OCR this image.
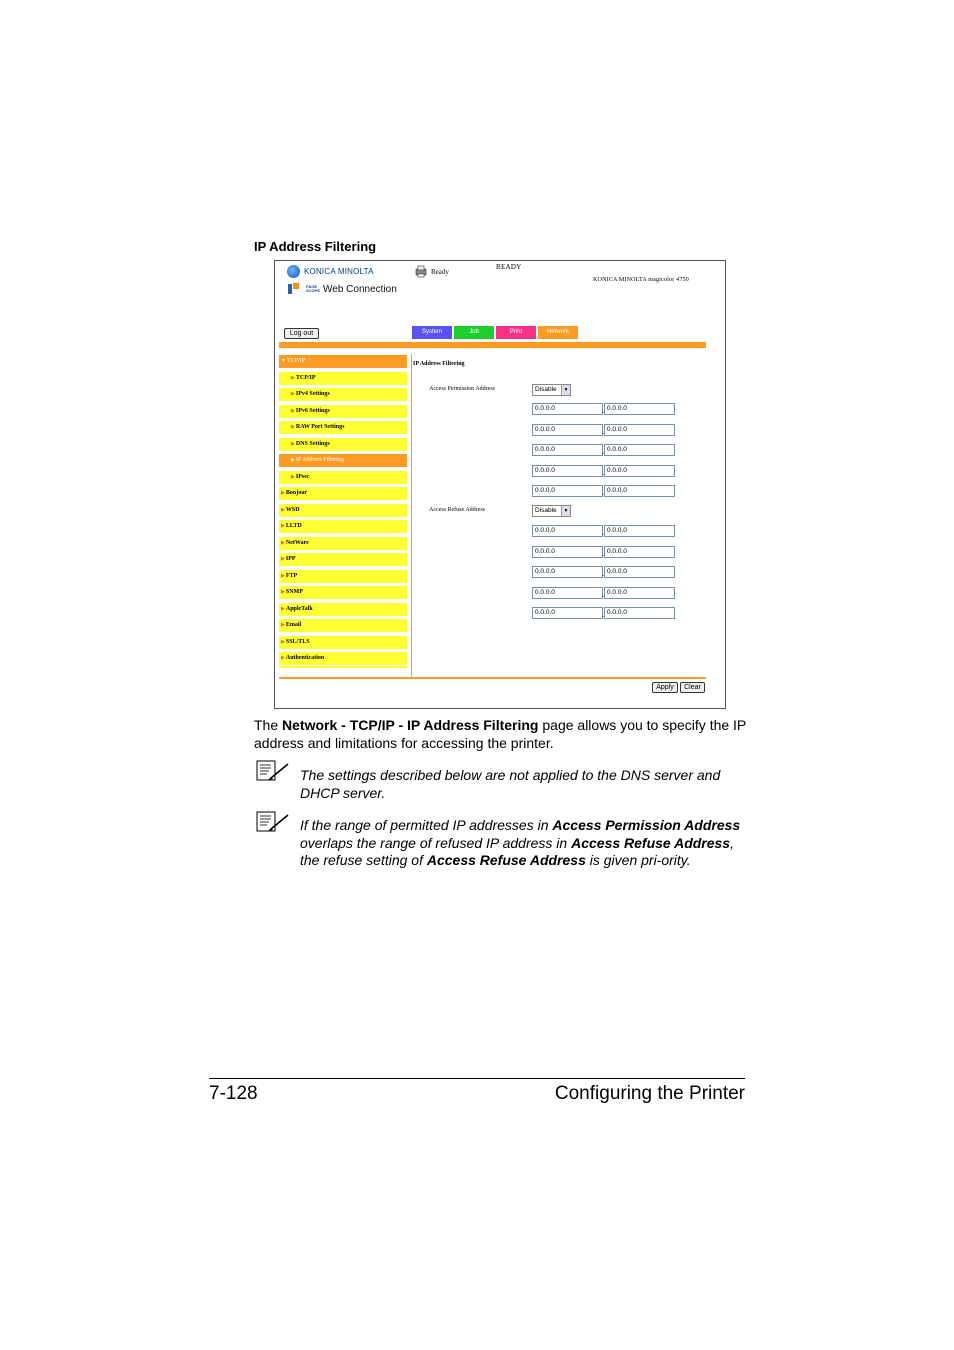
IP Address Filtering
KONICA MINOLTA
PAGE SCOPE Web Connection
Ready
READY
KONICA MINOLTA magicolor 4750
Log out	System	Job	Print	Network
▼TCP/IP
▶TCP/IP
▶IPv4 Settings
▶IPv6 Settings
▶RAW Port Settings
▶DNS Settings
▶IP Address Filtering
▶IPsec
▶Bonjour
▶WSD
▶LLTD
▶NetWare
▶IPP
▶FTP
▶SNMP
▶AppleTalk
▶Email
▶SSL/TLS
▶Authentication
IP Address Filtering
Access Permission Address	Disable	▼
0.0.0.0	. 0.0.0.0
0.0.0.0	. 0.0.0.0
0.0.0.0	. 0.0.0.0
0.0.0.0	. 0.0.0.0
0.0.0.0	. 0.0.0.0
Access Refuse Address	Disable	▼
0.0.0.0	. 0.0.0.0
0.0.0.0	. 0.0.0.0
0.0.0.0	. 0.0.0.0
0.0.0.0	. 0.0.0.0
0.0.0.0	. 0.0.0.0
Apply	Clear
The Network - TCP/IP - IP Address Filtering page allows you to specify the IP address and limitations for accessing the printer.
The settings described below are not applied to the DNS server and DHCP server.
If the range of permitted IP addresses in Access Permission Address overlaps the range of refused IP address in Access Refuse Address, the refuse setting of Access Refuse Address is given pri-ority.
7-128	Configuring the Printer
